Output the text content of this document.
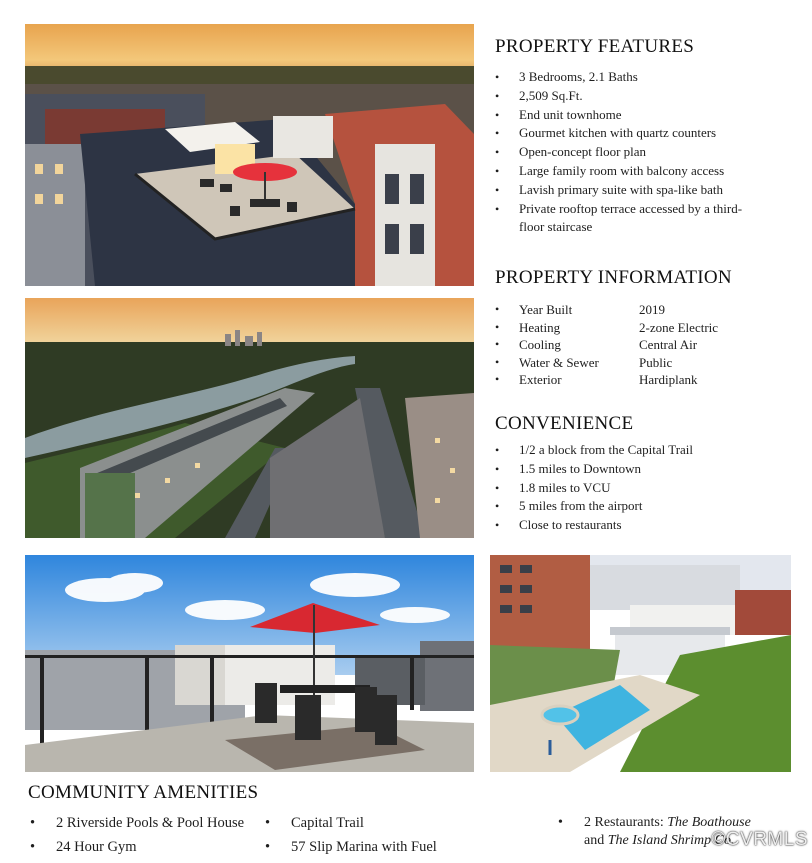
PROPERTY FEATURES
• 3 Bedrooms, 2.1 Baths
• 2,509 Sq.Ft.
• End unit townhome
• Gourmet kitchen with quartz counters
• Open-concept floor plan
• Large family room with balcony access
• Lavish primary suite with spa-like bath
• Private rooftop terrace accessed by a third-floor staircase
PROPERTY INFORMATION
• Year Built	2019
• Heating	2-zone Electric
• Cooling	Central Air
• Water & Sewer	Public
• Exterior	Hardiplank
CONVENIENCE
• 1/2 a block from the Capital Trail
• 1.5 miles to Downtown
• 1.8 miles to VCU
• 5 miles from the airport
• Close to restaurants
COMMUNITY AMENITIES
• 2 Riverside Pools & Pool House
• 24 Hour Gym
• Capital Trail
• 57 Slip Marina with Fuel
• 2 Restaurants: The Boathouse
and The Island Shrimp Co.
©CVRMLS
